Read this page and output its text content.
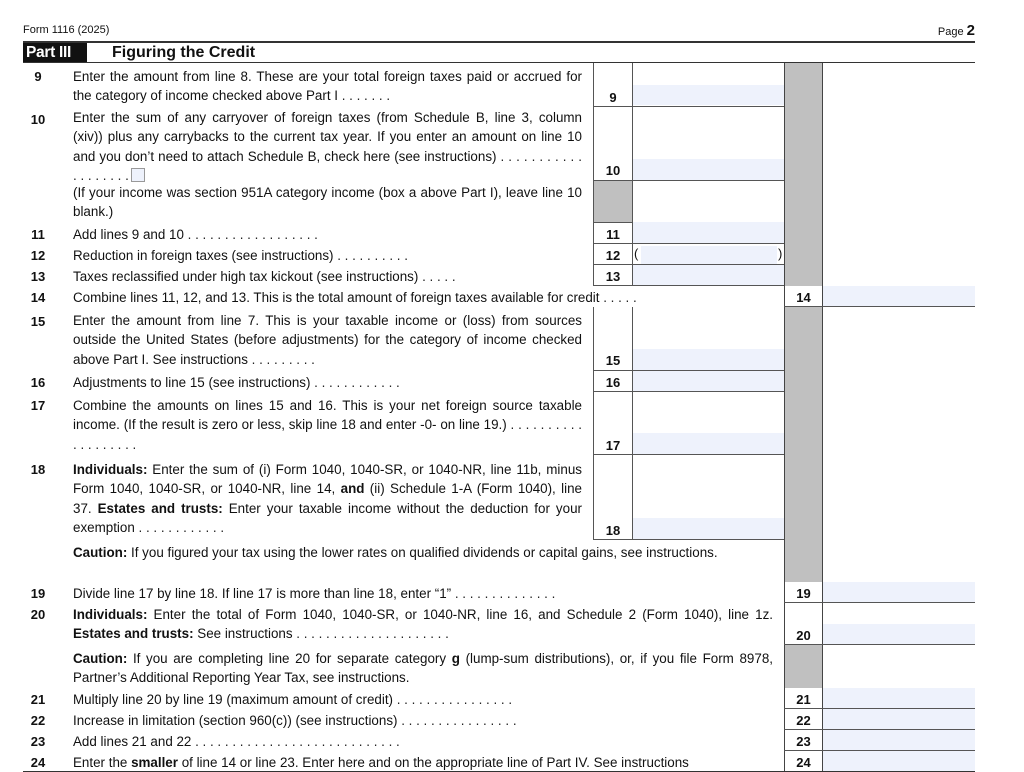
Form 1116 (2025)	Page 2
Part III	Figuring the Credit
9	Enter the amount from line 8. These are your total foreign taxes paid or accrued for the category of income checked above Part I . . . . . . .	9
10	Enter the sum of any carryover of foreign taxes (from Schedule B, line 3, column (xiv)) plus any carrybacks to the current tax year. If you enter an amount on line 10 and you don’t need to attach Schedule B, check here (see instructions) . . . . . . . . . . . . . . . . . . .	10
(If your income was section 951A category income (box a above Part I), leave line 10 blank.)
11	Add lines 9 and 10 . . . . . . . . . . . . . . . . . .	11
12	Reduction in foreign taxes (see instructions) . . . . . . . . . .	12	(	)
13	Taxes reclassified under high tax kickout (see instructions) . . . . .	13
14	Combine lines 11, 12, and 13. This is the total amount of foreign taxes available for credit . . . . .	14
15	Enter the amount from line 7. This is your taxable income or (loss) from sources outside the United States (before adjustments) for the category of income checked above Part I. See instructions . . . . . . . . .	15
16	Adjustments to line 15 (see instructions) . . . . . . . . . . . .	16
17	Combine the amounts on lines 15 and 16. This is your net foreign source taxable income. (If the result is zero or less, skip line 18 and enter -0- on line 19.) . . . . . . . . . . . . . . . . . . .	17
18	Individuals: Enter the sum of (i) Form 1040, 1040-SR, or 1040-NR, line 11b, minus Form 1040, 1040-SR, or 1040-NR, line 14, and (ii) Schedule 1-A (Form 1040), line 37. Estates and trusts: Enter your taxable income without the deduction for your exemption . . . . . . . . . . . .	18
Caution: If you figured your tax using the lower rates on qualified dividends or capital gains, see instructions.
19	Divide line 17 by line 18. If line 17 is more than line 18, enter “1” . . . . . . . . . . . . . .	19
20	Individuals: Enter the total of Form 1040, 1040-SR, or 1040-NR, line 16, and Schedule 2 (Form 1040), line 1z. Estates and trusts: See instructions . . . . . . . . . . . . . . . . . . . . .	20
Caution: If you are completing line 20 for separate category g (lump-sum distributions), or, if you file Form 8978, Partner’s Additional Reporting Year Tax, see instructions.
21	Multiply line 20 by line 19 (maximum amount of credit) . . . . . . . . . . . . . . . .	21
22	Increase in limitation (section 960(c)) (see instructions) . . . . . . . . . . . . . . . .	22
23	Add lines 21 and 22 . . . . . . . . . . . . . . . . . . . . . . . . . . . .	23
24	Enter the smaller of line 14 or line 23. Enter here and on the appropriate line of Part IV. See instructions	24
